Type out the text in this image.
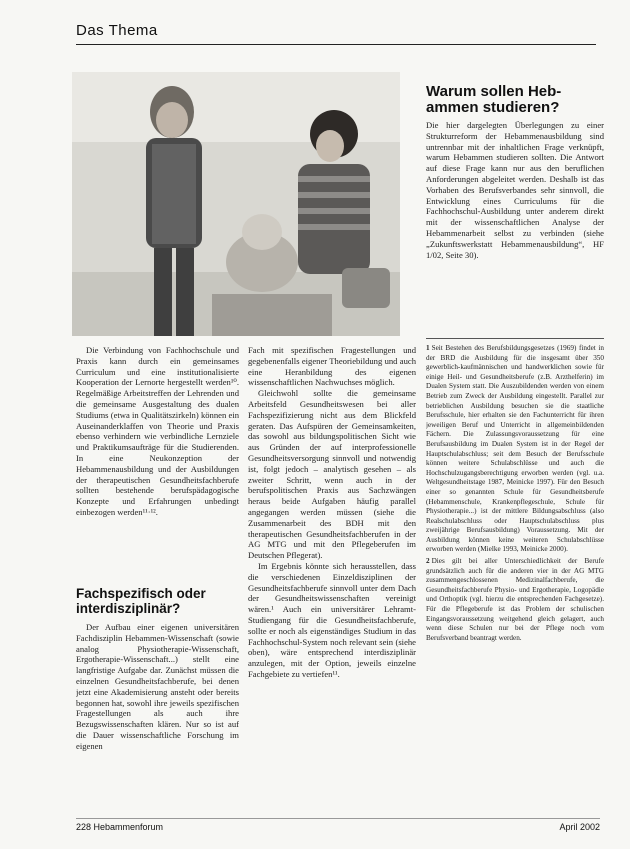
Das Thema
Warum sollen Heb-ammen studieren?

Die hier dargelegten Überlegungen zu einer Strukturreform der Hebammenausbildung sind untrennbar mit der inhaltlichen Frage verknüpft, warum Hebammen studieren sollten. Die Antwort auf diese Frage kann nur aus den beruflichen Anforderungen abgeleitet werden. Deshalb ist das Vorhaben des Berufsverbandes sehr sinnvoll, die Entwicklung eines Curriculums für die Fachhochschul-Ausbildung unter anderem direkt mit der wissenschaftlichen Analyse der Hebammenarbeit selbst zu verbinden (siehe „Zukunftswerkstatt Hebammenausbildung“, HF 1/02, Seite 30).

1 Seit Bestehen des Berufsbildungsgesetzes (1969) findet in der BRD die Ausbildung für die insgesamt über 350 gewerblich-kaufmännischen und handwerklichen sowie für einige Heil- und Gesundheitsberufe (z.B. Arzthelferin) im Dualen System statt. Die Auszubildenden werden von einem Betrieb zum Zweck der Ausbildung eingestellt. Parallel zur betrieblichen Ausbildung besuchen sie die staatliche Berufsschule, hier erhalten sie den Fachunterricht für ihren jeweiligen Beruf und Unterricht in allgemeinbildenden Fächern. Die Zulassungsvoraussetzung für eine Berufsausbildung im Dualen System ist in der Regel der Hauptschulabschluss; seit dem Besuch der Berufsschule können weitere Schulabschlüsse und auch die Hochschulzugangsberechtigung erworben werden (vgl. u.a. Weltgesundheitstage 1987, Meinicke 1997). Für den Besuch einer so genannten Schule für Gesundheitsberufe (Hebammenschule, Krankenpflegeschule, Schule für Physiotherapie...) ist der mittlere Bildungsabschluss (also Realschulabschluss oder Hauptschulabschluss plus zweijährige Berufsausbildung) Voraussetzung. Mit der Ausbildung können keine weiteren Schulabschlüsse erworben werden (Mielke 1993, Meinicke 2000).

2 Dies gilt bei aller Unterschiedlichkeit der Berufe grundsätzlich auch für die anderen vier in der AG MTG zusammengeschlossenen Medizinalfachberufe, die Gesundheitsfachberufe Physio- und Ergotherapie, Logopädie und Orthoptik (vgl. hierzu die entsprechenden Fachgesetze). Für die Pflegeberufe ist das Problem der schulischen Eingangsvoraussetzung weitgehend gleich gelagert, auch wenn diese Schulen nur bei der Pflege noch vom Berufsverband beantragt werden.

Die Verbindung von Fachhochschule und Praxis kann durch ein gemeinsames Curriculum und eine institutionalisierte Kooperation der Lernorte hergestellt werden¹⁰. Regelmäßige Arbeitstreffen der Lehrenden und die gemeinsame Ausgestaltung des dualen Studiums (etwa in Qualitätszirkeln) können ein Auseinanderklaffen von Theorie und Praxis ebenso verhindern wie verbindliche Lernziele und Praktikumsaufträge für die Studierenden. In eine Neukonzeption der Hebammenausbildung und der Ausbildungen der therapeutischen Gesundheitsfachberufe sollten bestehende berufspädagogische Konzepte und Erfahrungen unbedingt einbezogen werden¹¹·¹².

Fachspezifisch oder interdisziplinär?

Der Aufbau einer eigenen universitären Fachdisziplin Hebammen-Wissenschaft (sowie analog Physiotherapie-Wissenschaft, Ergotherapie-Wissenschaft...) stellt eine langfristige Aufgabe dar. Zunächst müssen die einzelnen Gesundheitsfachberufe, bei denen jetzt eine Akademisierung ansteht oder bereits begonnen hat, sowohl ihre jeweils spezifischen Fragestellungen als auch ihre Bezugswissenschaften klären. Nur so ist auf die Dauer wissenschaftliche Forschung im eigenen

Fach mit spezifischen Fragestellungen und gegebenenfalls eigener Theoriebildung und auch eine Heranbildung des eigenen wissenschaftlichen Nachwuchses möglich.

Gleichwohl sollte die gemeinsame Arbeitsfeld Gesundheitswesen bei aller Fachspezifizierung nicht aus dem Blickfeld geraten. Das Aufspüren der Gemeinsamkeiten, das sowohl aus bildungspolitischen Sicht wie aus Gründen der auf interprofessionelle Gesundheitsversorgung sinnvoll und notwendig ist, folgt jedoch – analytisch gesehen – als zweiter Schritt, wenn auch in der berufspolitischen Praxis aus Sachzwängen heraus beide Aufgaben häufig parallel angegangen werden müssen (siehe die Zusammenarbeit des BDH mit den therapeutischen Gesundheitsfachberufen in der AG MTG und mit den Pflegeberufen im Deutschen Pflegerat).

Im Ergebnis könnte sich herausstellen, dass die verschiedenen Einzeldisziplinen der Gesundheitsfachberufe sinnvoll unter dem Dach der Gesundheitswissenschaften vereinigt wären.¹ Auch ein universitärer Lehramt-Studiengang für die Gesundheitsfachberufe, sollte er noch als eigenständiges Studium in das Fachhochschul-System noch relevant sein (siehe oben), wäre entsprechend interdisziplinär anzulegen, mit der Option, jeweils einzelne Fachgebiete zu vertiefen¹¹.

228 Hebammenforum	April 2002
